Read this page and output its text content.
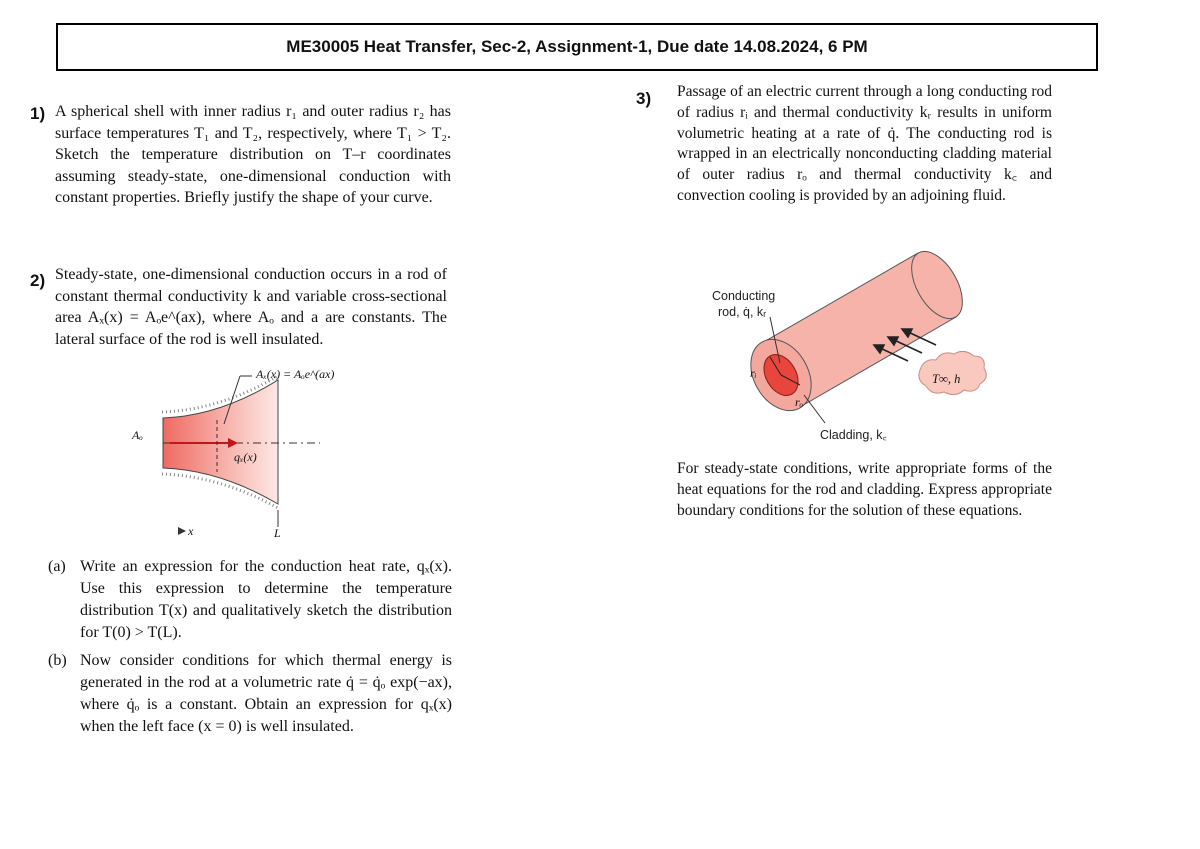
ME30005 Heat Transfer, Sec-2, Assignment-1, Due date 14.08.2024, 6 PM
1) A spherical shell with inner radius r₁ and outer radius r₂ has surface temperatures T₁ and T₂, respectively, where T₁ > T₂. Sketch the temperature distribution on T–r coordinates assuming steady-state, one-dimensional conduction with constant properties. Briefly justify the shape of your curve.
2) Steady-state, one-dimensional conduction occurs in a rod of constant thermal conductivity k and variable cross-sectional area Aₓ(x) = Aₒe^(ax), where Aₒ and a are constants. The lateral surface of the rod is well insulated.
Aₓ(x) = Aₒe^(ax)
Aₒ
qₓ(x)
x	L
(a) Write an expression for the conduction heat rate, qₓ(x). Use this expression to determine the temperature distribution T(x) and qualitatively sketch the distribution for T(0) > T(L).
(b) Now consider conditions for which thermal energy is generated in the rod at a volumetric rate q̇ = q̇ₒ exp(−ax), where q̇ₒ is a constant. Obtain an expression for qₓ(x) when the left face (x = 0) is well insulated.
3) Passage of an electric current through a long conducting rod of radius rᵢ and thermal conductivity kᵣ results in uniform volumetric heating at a rate of q̇. The conducting rod is wrapped in an electrically nonconducting cladding material of outer radius rₒ and thermal conductivity k꜀ and convection cooling is provided by an adjoining fluid.
Conducting
rod, q̇, kᵣ
rᵢ
rₒ
T∞, h
Cladding, k꜀
For steady-state conditions, write appropriate forms of the heat equations for the rod and cladding. Express appropriate boundary conditions for the solution of these equations.
